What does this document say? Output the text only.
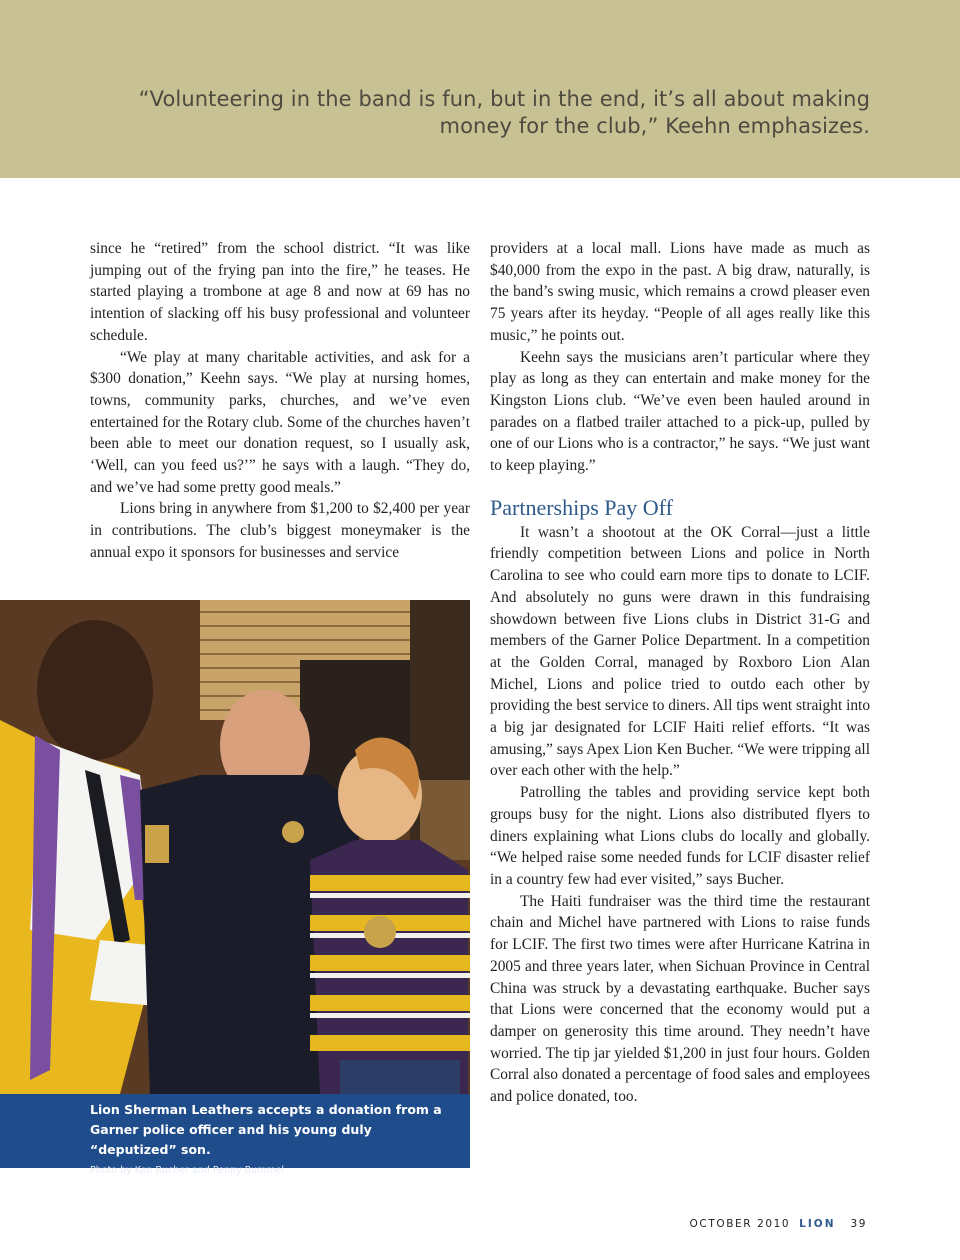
“Volunteering in the band is fun, but in the end, it’s all about making money for the club,” Keehn emphasizes.

since he “retired” from the school district. “It was like jumping out of the frying pan into the fire,” he teases. He started playing a trombone at age 8 and now at 69 has no intention of slacking off his busy professional and volunteer schedule.

“We play at many charitable activities, and ask for a $300 donation,” Keehn says. “We play at nursing homes, towns, community parks, churches, and we’ve even entertained for the Rotary club. Some of the churches haven’t been able to meet our donation request, so I usually ask, ‘Well, can you feed us?’” he says with a laugh. “They do, and we’ve had some pretty good meals.”

Lions bring in anywhere from $1,200 to $2,400 per year in contributions. The club’s biggest moneymaker is the annual expo it sponsors for businesses and service

providers at a local mall. Lions have made as much as $40,000 from the expo in the past. A big draw, naturally, is the band’s swing music, which remains a crowd pleaser even 75 years after its heyday. “People of all ages really like this music,” he points out.

Keehn says the musicians aren’t particular where they play as long as they can entertain and make money for the Kingston Lions club. “We’ve even been hauled around in parades on a flatbed trailer attached to a pick-up, pulled by one of our Lions who is a contractor,” he says. “We just want to keep playing.”

Partnerships Pay Off

It wasn’t a shootout at the OK Corral—just a little friendly competition between Lions and police in North Carolina to see who could earn more tips to donate to LCIF. And absolutely no guns were drawn in this fundraising showdown between five Lions clubs in District 31-G and members of the Garner Police Department. In a competition at the Golden Corral, managed by Roxboro Lion Alan Michel, Lions and police tried to outdo each other by providing the best service to diners. All tips went straight into a big jar designated for LCIF Haiti relief efforts. “It was amusing,” says Apex Lion Ken Bucher. “We were tripping all over each other with the help.”

Patrolling the tables and providing service kept both groups busy for the night. Lions also distributed flyers to diners explaining what Lions clubs do locally and globally. “We helped raise some needed funds for LCIF disaster relief in a country few had ever visited,” says Bucher.

The Haiti fundraiser was the third time the restaurant chain and Michel have partnered with Lions to raise funds for LCIF. The first two times were after Hurricane Katrina in 2005 and three years later, when Sichuan Province in Central China was struck by a devastating earthquake. Bucher says that Lions were concerned that the economy would put a damper on generosity this time around. They needn’t have worried. The tip jar yielded $1,200 in just four hours. Golden Corral also donated a percentage of food sales and employees and police donated, too.

Lion Sherman Leathers accepts a donation from a Garner police officer and his young duly “deputized” son.
Photo by Ken Bucher and Penny Rummel
OCTOBER 2010 LION 39
